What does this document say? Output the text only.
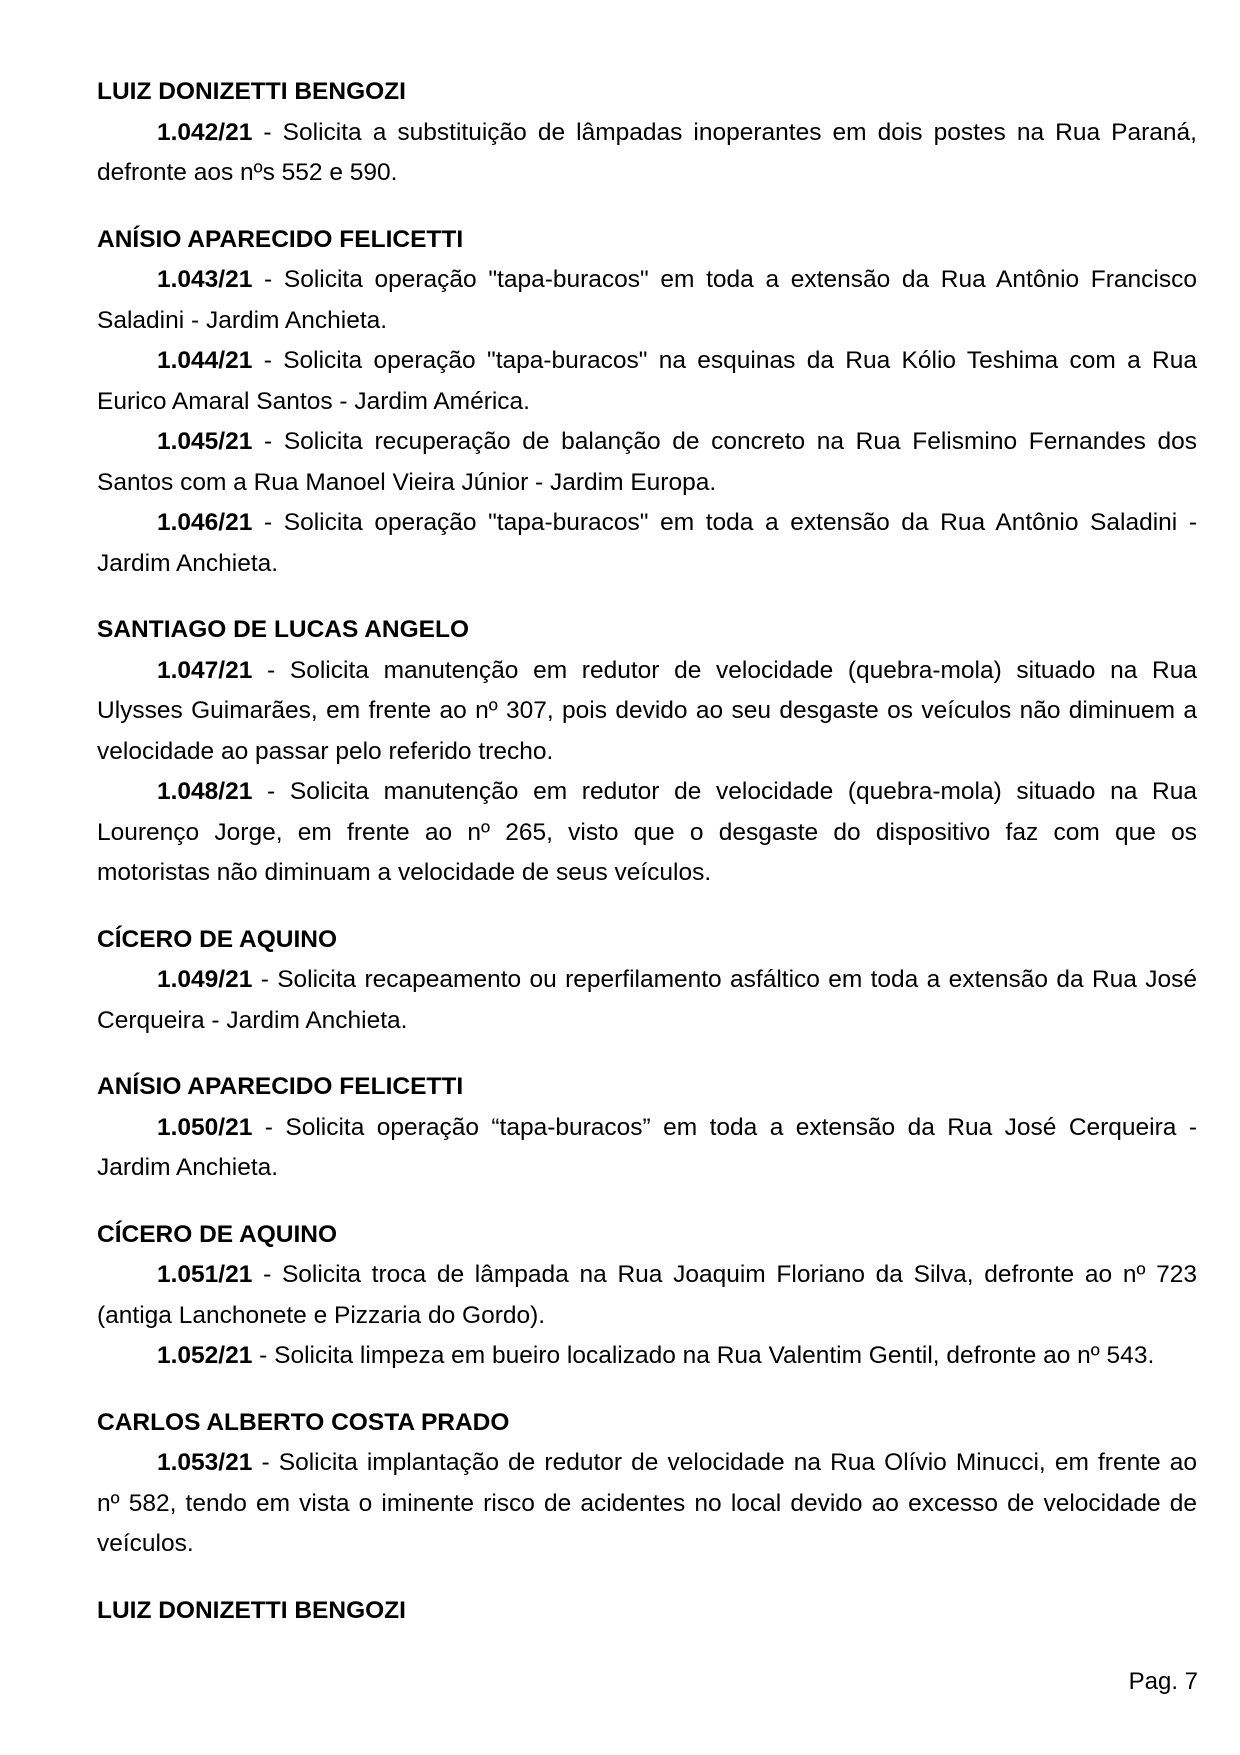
LUIZ DONIZETTI BENGOZI
1.042/21 - Solicita a substituição de lâmpadas inoperantes em dois postes na Rua Paraná,
defronte aos nºs 552 e 590.
ANÍSIO APARECIDO FELICETTI
1.043/21 - Solicita operação "tapa-buracos" em toda a extensão da Rua Antônio Francisco
Saladini - Jardim Anchieta.
1.044/21 - Solicita operação "tapa-buracos" na esquinas da Rua Kólio Teshima com a Rua
Eurico Amaral Santos - Jardim América.
1.045/21 - Solicita recuperação de balanção de concreto na Rua Felismino Fernandes dos
Santos com a Rua Manoel Vieira Júnior - Jardim Europa.
1.046/21 - Solicita operação "tapa-buracos" em toda a extensão da Rua Antônio Saladini -
Jardim Anchieta.
SANTIAGO DE LUCAS ANGELO
1.047/21 - Solicita manutenção em redutor de velocidade (quebra-mola) situado na Rua
Ulysses Guimarães, em frente ao nº 307, pois devido ao seu desgaste os veículos não diminuem a
velocidade ao passar pelo referido trecho.
1.048/21 - Solicita manutenção em redutor de velocidade (quebra-mola) situado na Rua
Lourenço Jorge, em frente ao nº 265, visto que o desgaste do dispositivo faz com que os
motoristas não diminuam a velocidade de seus veículos.
CÍCERO DE AQUINO
1.049/21 - Solicita recapeamento ou reperfilamento asfáltico em toda a extensão da Rua José
Cerqueira - Jardim Anchieta.
ANÍSIO APARECIDO FELICETTI
1.050/21 - Solicita operação “tapa-buracos” em toda a extensão da Rua José Cerqueira -
Jardim Anchieta.
CÍCERO DE AQUINO
1.051/21 - Solicita troca de lâmpada na Rua Joaquim Floriano da Silva, defronte ao nº 723
(antiga Lanchonete e Pizzaria do Gordo).
1.052/21 - Solicita limpeza em bueiro localizado na Rua Valentim Gentil, defronte ao nº 543.
CARLOS ALBERTO COSTA PRADO
1.053/21 - Solicita implantação de redutor de velocidade na Rua Olívio Minucci, em frente ao
nº 582, tendo em vista o iminente risco de acidentes no local devido ao excesso de velocidade de
veículos.
LUIZ DONIZETTI BENGOZI
Pag. 7
